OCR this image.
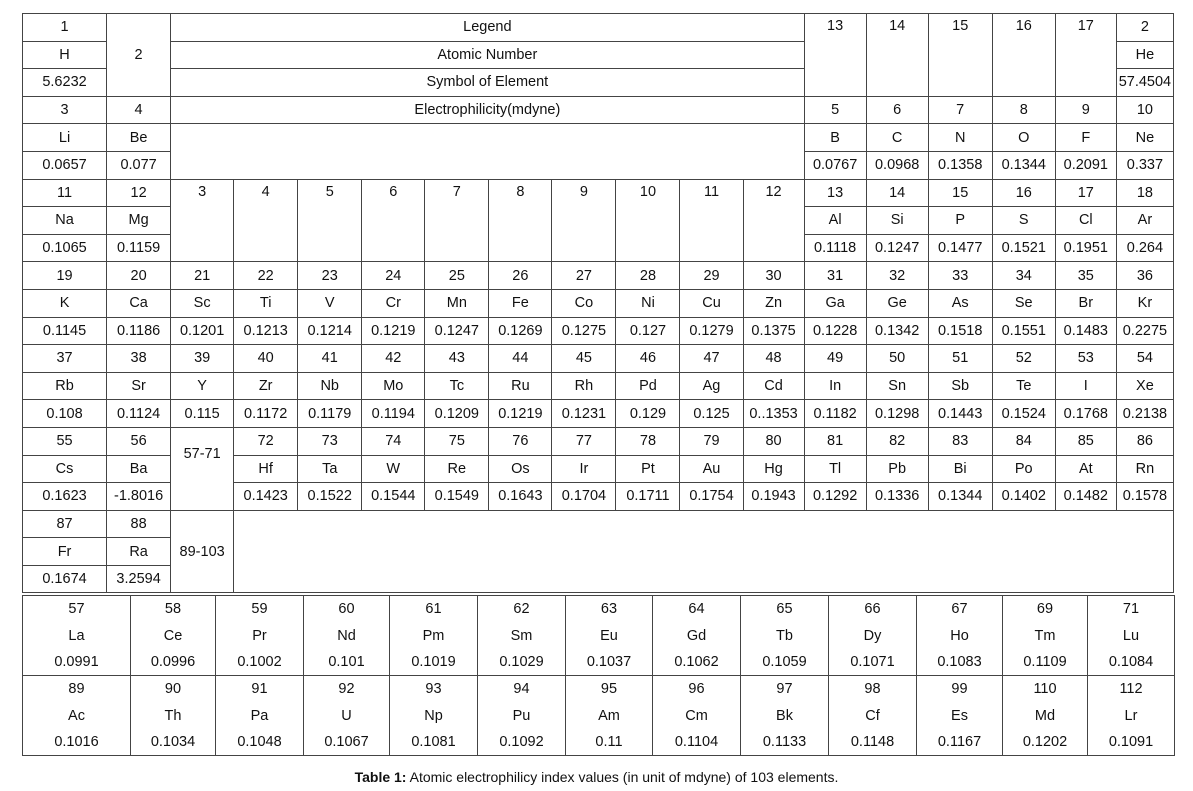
1	2	Legend										13	14	15	16	17	2
H		Atomic Number															He
5.6232		Symbol of Element															57.4504
3	4	Electrophilicity(mdyne)										5	6	7	8	9	10
Li	Be											B	C	N	O	F	Ne
0.0657	0.077											0.0767	0.0968	0.1358	0.1344	0.2091	0.337
11	12	3	4	5	6	7	8	9	10	11	12	13	14	15	16	17	18
Na	Mg											Al	Si	P	S	Cl	Ar
0.1065	0.1159											0.1118	0.1247	0.1477	0.1521	0.1951	0.264
19	20	21	22	23	24	25	26	27	28	29	30	31	32	33	34	35	36
K	Ca	Sc	Ti	V	Cr	Mn	Fe	Co	Ni	Cu	Zn	Ga	Ge	As	Se	Br	Kr
0.1145	0.1186	0.1201	0.1213	0.1214	0.1219	0.1247	0.1269	0.1275	0.127	0.1279	0.1375	0.1228	0.1342	0.1518	0.1551	0.1483	0.2275
37	38	39	40	41	42	43	44	45	46	47	48	49	50	51	52	53	54
Rb	Sr	Y	Zr	Nb	Mo	Tc	Ru	Rh	Pd	Ag	Cd	In	Sn	Sb	Te	I	Xe
0.108	0.1124	0.115	0.1172	0.1179	0.1194	0.1209	0.1219	0.1231	0.129	0.125	0..1353	0.1182	0.1298	0.1443	0.1524	0.1768	0.2138
55	56	57-71	72	73	74	75	76	77	78	79	80	81	82	83	84	85	86
Cs	Ba		Hf	Ta	W	Re	Os	Ir	Pt	Au	Hg	Tl	Pb	Bi	Po	At	Rn
0.1623	-1.8016		0.1423	0.1522	0.1544	0.1549	0.1643	0.1704	0.1711	0.1754	0.1943	0.1292	0.1336	0.1344	0.1402	0.1482	0.1578
87	88	89-103															
Fr	Ra																
0.1674	3.2594																
57	58	59	60	61	62	63	64	65	66	67	69	71
La	Ce	Pr	Nd	Pm	Sm	Eu	Gd	Tb	Dy	Ho	Tm	Lu
0.0991	0.0996	0.1002	0.101	0.1019	0.1029	0.1037	0.1062	0.1059	0.1071	0.1083	0.1109	0.1084
89	90	91	92	93	94	95	96	97	98	99	110	112
Ac	Th	Pa	U	Np	Pu	Am	Cm	Bk	Cf	Es	Md	Lr
0.1016	0.1034	0.1048	0.1067	0.1081	0.1092	0.11	0.1104	0.1133	0.1148	0.1167	0.1202	0.1091
Table 1: Atomic electrophilicy index values (in unit of mdyne) of 103 elements.
